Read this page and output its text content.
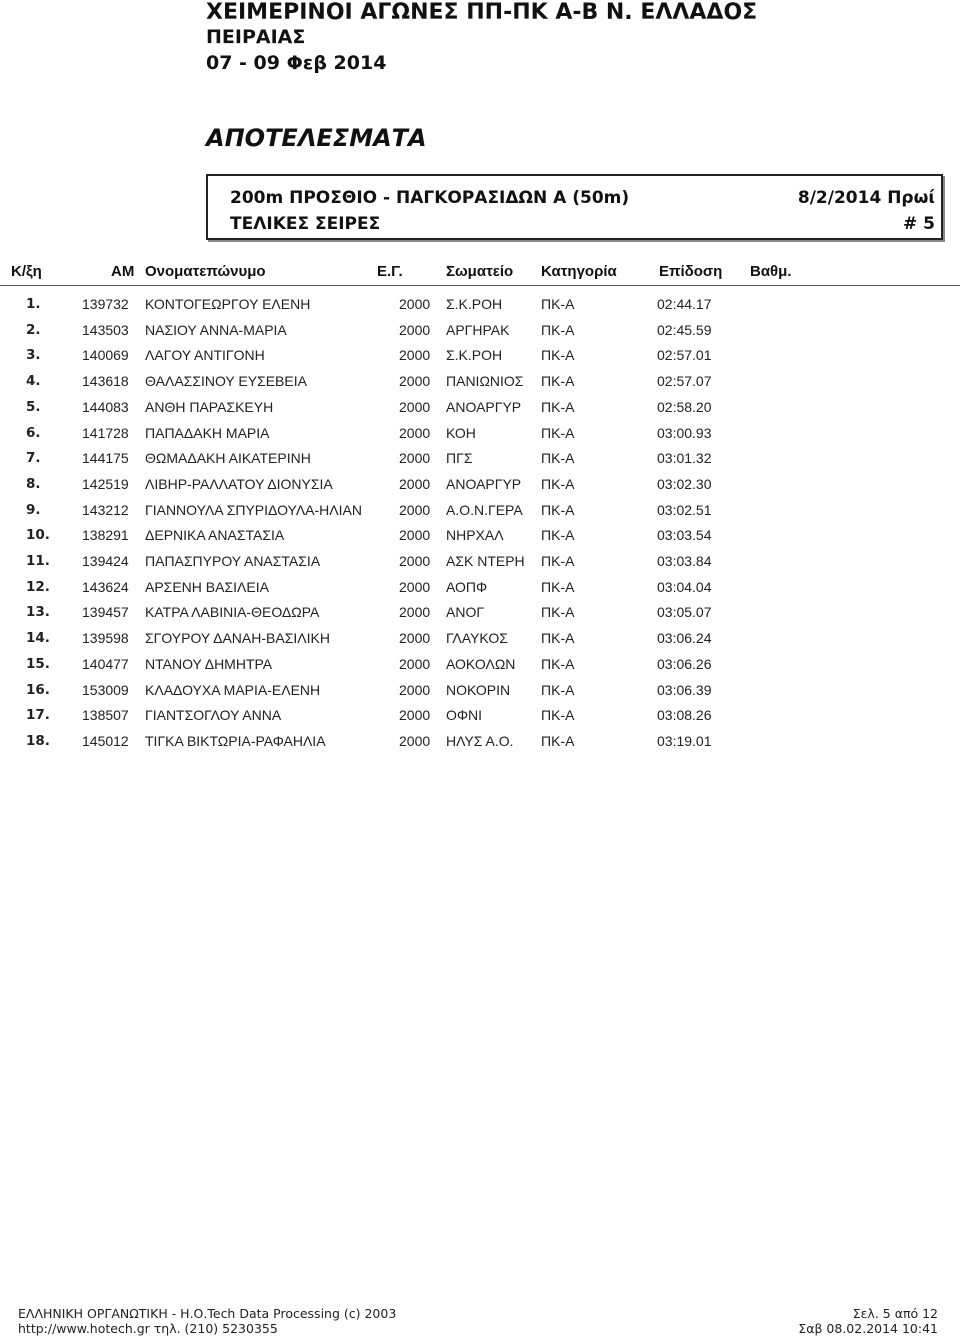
ΧΕΙΜΕΡΙΝΟΙ ΑΓΩΝΕΣ ΠΠ-ΠΚ Α-Β Ν. ΕΛΛΑΔΟΣ
ΠΕΙΡΑΙΑΣ
07 - 09 Φεβ 2014
ΑΠΟΤΕΛΕΣΜΑΤΑ
200m ΠΡΟΣΘΙΟ - ΠΑΓΚΟΡΑΣΙΔΩΝ Α (50m)	8/2/2014 Πρωί
ΤΕΛΙΚΕΣ ΣΕΙΡΕΣ	# 5
Κ/ξη	ΑΜ Ονοματεπώνυμο	Ε.Γ.	Σωματείο Κατηγορία	Επίδοση Βαθμ.
1.	139732 ΚΟΝΤΟΓΕΩΡΓΟΥ ΕΛΕΝΗ	2000 Σ.Κ.ΡΟΗ	ΠΚ-Α	02:44.17
2.	143503 ΝΑΣΙΟΥ ΑΝΝΑ-ΜΑΡΙΑ	2000 ΑΡΓΗΡΑΚ ΠΚ-Α	02:45.59
3.	140069 ΛΑΓΟΥ ΑΝΤΙΓΟΝΗ	2000 Σ.Κ.ΡΟΗ	ΠΚ-Α	02:57.01
4.	143618 ΘΑΛΑΣΣΙΝΟΥ ΕΥΣΕΒΕΙΑ	2000 ΠΑΝΙΩΝΙΟΣ ΠΚ-Α	02:57.07
5.	144083 ΑΝΘΗ ΠΑΡΑΣΚΕΥΗ	2000 ΑΝΟΑΡΓΥΡ ΠΚ-Α	02:58.20
6.	141728 ΠΑΠΑΔΑΚΗ ΜΑΡΙΑ	2000 ΚΟΗ	ΠΚ-Α	03:00.93
7.	144175 ΘΩΜΑΔΑΚΗ ΑΙΚΑΤΕΡΙΝΗ	2000 ΠΓΣ	ΠΚ-Α	03:01.32
8.	142519 ΛΙΒΗΡ-ΡΑΛΛΑΤΟΥ ΔΙΟΝΥΣΙΑ	2000 ΑΝΟΑΡΓΥΡ ΠΚ-Α	03:02.30
9.	143212 ΓΙΑΝΝΟΥΛΑ ΣΠΥΡΙΔΟΥΛΑ-ΗΛΙΑΝ	2000 Α.Ο.Ν.ΓΕΡΑ ΠΚ-Α	03:02.51
10. 138291 ΔΕΡΝΙΚΑ ΑΝΑΣΤΑΣΙΑ	2000 ΝΗΡΧΑΛ	ΠΚ-Α	03:03.54
11. 139424 ΠΑΠΑΣΠΥΡΟΥ ΑΝΑΣΤΑΣΙΑ	2000 ΑΣΚ ΝΤΕΡΗ ΠΚ-Α	03:03.84
12. 143624 ΑΡΣΕΝΗ ΒΑΣΙΛΕΙΑ	2000 ΑΟΠΦ	ΠΚ-Α	03:04.04
13. 139457 ΚΑΤΡΑ ΛΑΒΙΝΙΑ-ΘΕΟΔΩΡΑ	2000 ΑΝΟΓ	ΠΚ-Α	03:05.07
14. 139598 ΣΓΟΥΡΟΥ ΔΑΝΑΗ-ΒΑΣΙΛΙΚΗ	2000 ΓΛΑΥΚΟΣ ΠΚ-Α	03:06.24
15. 140477 ΝΤΑΝΟΥ ΔΗΜΗΤΡΑ	2000 ΑΟΚΟΛΩΝ ΠΚ-Α	03:06.26
16. 153009 ΚΛΑΔΟΥΧΑ ΜΑΡΙΑ-ΕΛΕΝΗ	2000 ΝΟΚΟΡΙΝ ΠΚ-Α	03:06.39
17. 138507 ΓΙΑΝΤΣΟΓΛΟΥ ΑΝΝΑ	2000 ΟΦΝΙ	ΠΚ-Α	03:08.26
18. 145012 ΤΙΓΚΑ ΒΙΚΤΩΡΙΑ-ΡΑΦΑΗΛΙΑ	2000 ΗΛΥΣ Α.Ο. ΠΚ-Α	03:19.01
ΕΛΛΗΝΙΚΗ ΟΡΓΑΝΩΤΙΚΗ - Η.Ο.Tech Data Processing (c) 2003
http://www.hotech.gr τηλ. (210) 5230355
Σελ. 5 από 12
Σαβ 08.02.2014 10:41
